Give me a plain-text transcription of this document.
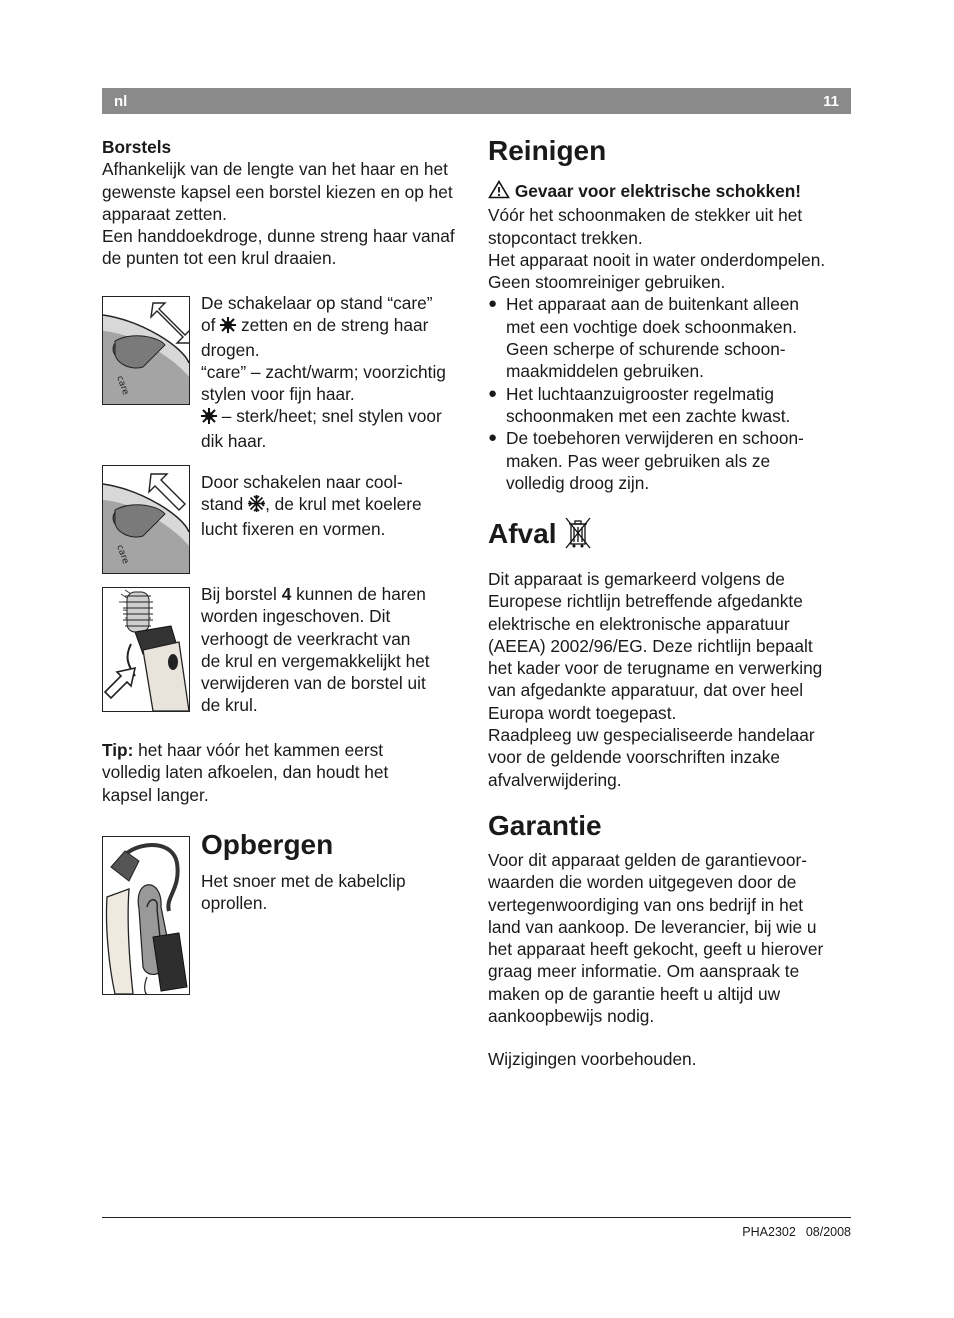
nl	11

Borstels

Afhankelijk van de lengte van het haar en het gewenste kapsel een borstel kiezen en op het apparaat zetten.

Een handdoekdroge, dunne streng haar vanaf de punten tot een krul draaien.

care

De schakelaar op stand “care”

of  zetten en de streng haar

drogen.

“care” – zacht/warm; voorzichtig

stylen voor fijn haar.

– sterk/heet; snel stylen voor

dik haar.

care

Door schakelen naar cool-

stand , de krul met koelere

lucht fixeren en vormen.

Bij borstel 4 kunnen de haren

worden ingeschoven. Dit

verhoogt de veerkracht van

de krul en vergemakkelijkt het

verwijderen van de borstel uit

de krul.

Tip: het haar vóór het kammen eerst volledig laten afkoelen, dan houdt het kapsel langer.

Opbergen

Het snoer met de kabelclip

oprollen.

Reinigen

Gevaar voor elektrische schokken!

Vóór het schoonmaken de stekker uit het

stopcontact trekken.

Het apparaat nooit in water onderdompelen.

Geen stoomreiniger gebruiken.

● Het apparaat aan de buitenkant alleen
met een vochtige doek schoonmaken.
Geen scherpe of schurende schoon-
maakmiddelen gebruiken.
● Het luchtaanzuigrooster regelmatig
schoonmaken met een zachte kwast.
● De toebehoren verwijderen en schoon-
maken. Pas weer gebruiken als ze
volledig droog zijn.

Afval

Dit apparaat is gemarkeerd volgens de

Europese richtlijn betreffende afgedankte

elektrische en elektronische apparatuur

(AEEA) 2002/96/EG. Deze richtlijn bepaalt

het kader voor de terugname en verwerking

van afgedankte apparatuur, dat over heel

Europa wordt toegepast.

Raadpleeg uw gespecialiseerde handelaar

voor de geldende voorschriften inzake

afvalverwijdering.

Garantie

Voor dit apparaat gelden de garantievoor-

waarden die worden uitgegeven door de

vertegenwoordiging van ons bedrijf in het

land van aankoop. De leverancier, bij wie u

het apparaat heeft gekocht, geeft u hierover

graag meer informatie. Om aanspraak te

maken op de garantie heeft u altijd uw

aankoopbewijs nodig.

Wijzigingen voorbehouden.

PHA2302 08/2008
